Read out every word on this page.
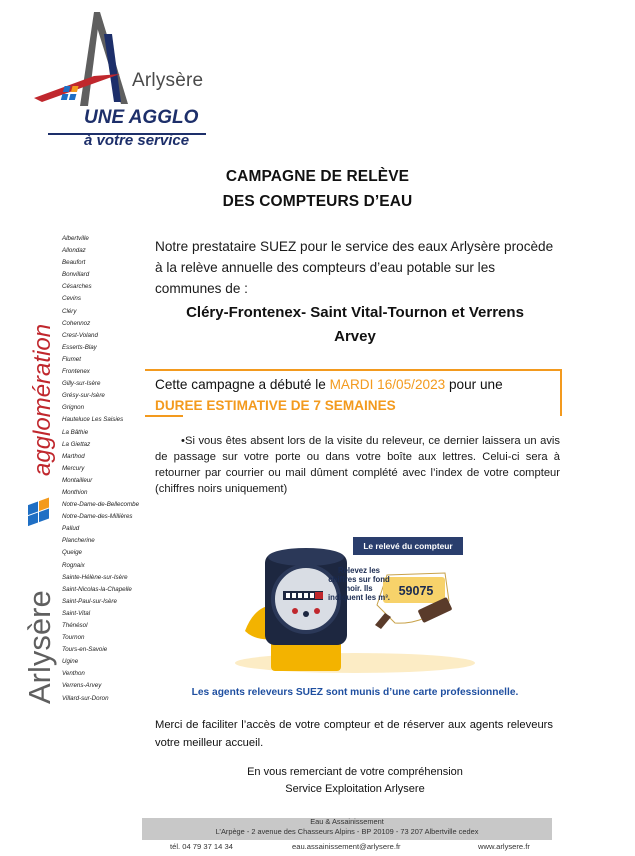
Arlysère
UNE AGGLO
à votre service
Arlysère
agglomération
Albertville
Allondaz
Beaufort
Bonvillard
Césarches
Cevins
Cléry
Cohennoz
Crest-Voland
Esserts-Blay
Flumet
Frontenex
Gilly-sur-Isère
Grésy-sur-Isère
Grignon
Hauteluce Les Saisies
La Bâthie
La Giettaz
Marthod
Mercury
Montailleur
Monthion
Notre-Dame-de-Bellecombe
Notre-Dame-des-Millières
Pallud
Plancherine
Queige
Rognaix
Sainte-Hélène-sur-Isère
Saint-Nicolas-la-Chapelle
Saint-Paul-sur-Isère
Saint-Vital
Thénésol
Tournon
Tours-en-Savoie
Ugine
Venthon
Verrens-Arvey
Villard-sur-Doron
CAMPAGNE DE RELÈVE
DES COMPTEURS D’EAU
Notre prestataire SUEZ pour le service des eaux Arlysère procède à la relève annuelle des compteurs d’eau potable sur les communes de :
Cléry-Frontenex- Saint Vital-Tournon et Verrens
Arvey
Cette campagne a débuté le MARDI 16/05/2023 pour une
DUREE ESTIMATIVE DE 7 SEMAINES
•Si vous êtes absent lors de la visite du releveur, ce dernier laissera un avis de passage sur votre porte ou dans votre boîte aux lettres. Celui-ci sera à retourner par courrier ou mail dûment complété avec l’index de votre compteur (chiffres noirs uniquement)
Le relevé du compteur
Relevez les chiffres sur fond noir. Ils indiquent les m³. 59075
Les agents releveurs SUEZ sont munis d’une carte professionnelle.
Merci de faciliter l’accès de votre compteur et de réserver aux agents releveurs votre meilleur accueil.
En vous remerciant de votre compréhension
Service Exploitation Arlysere
Eau & Assainissement
L’Arpège - 2 avenue des Chasseurs Alpins - BP 20109 - 73 207 Albertville cedex
tél. 04 79 37 14 34	eau.assainissement@arlysere.fr	www.arlysere.fr
